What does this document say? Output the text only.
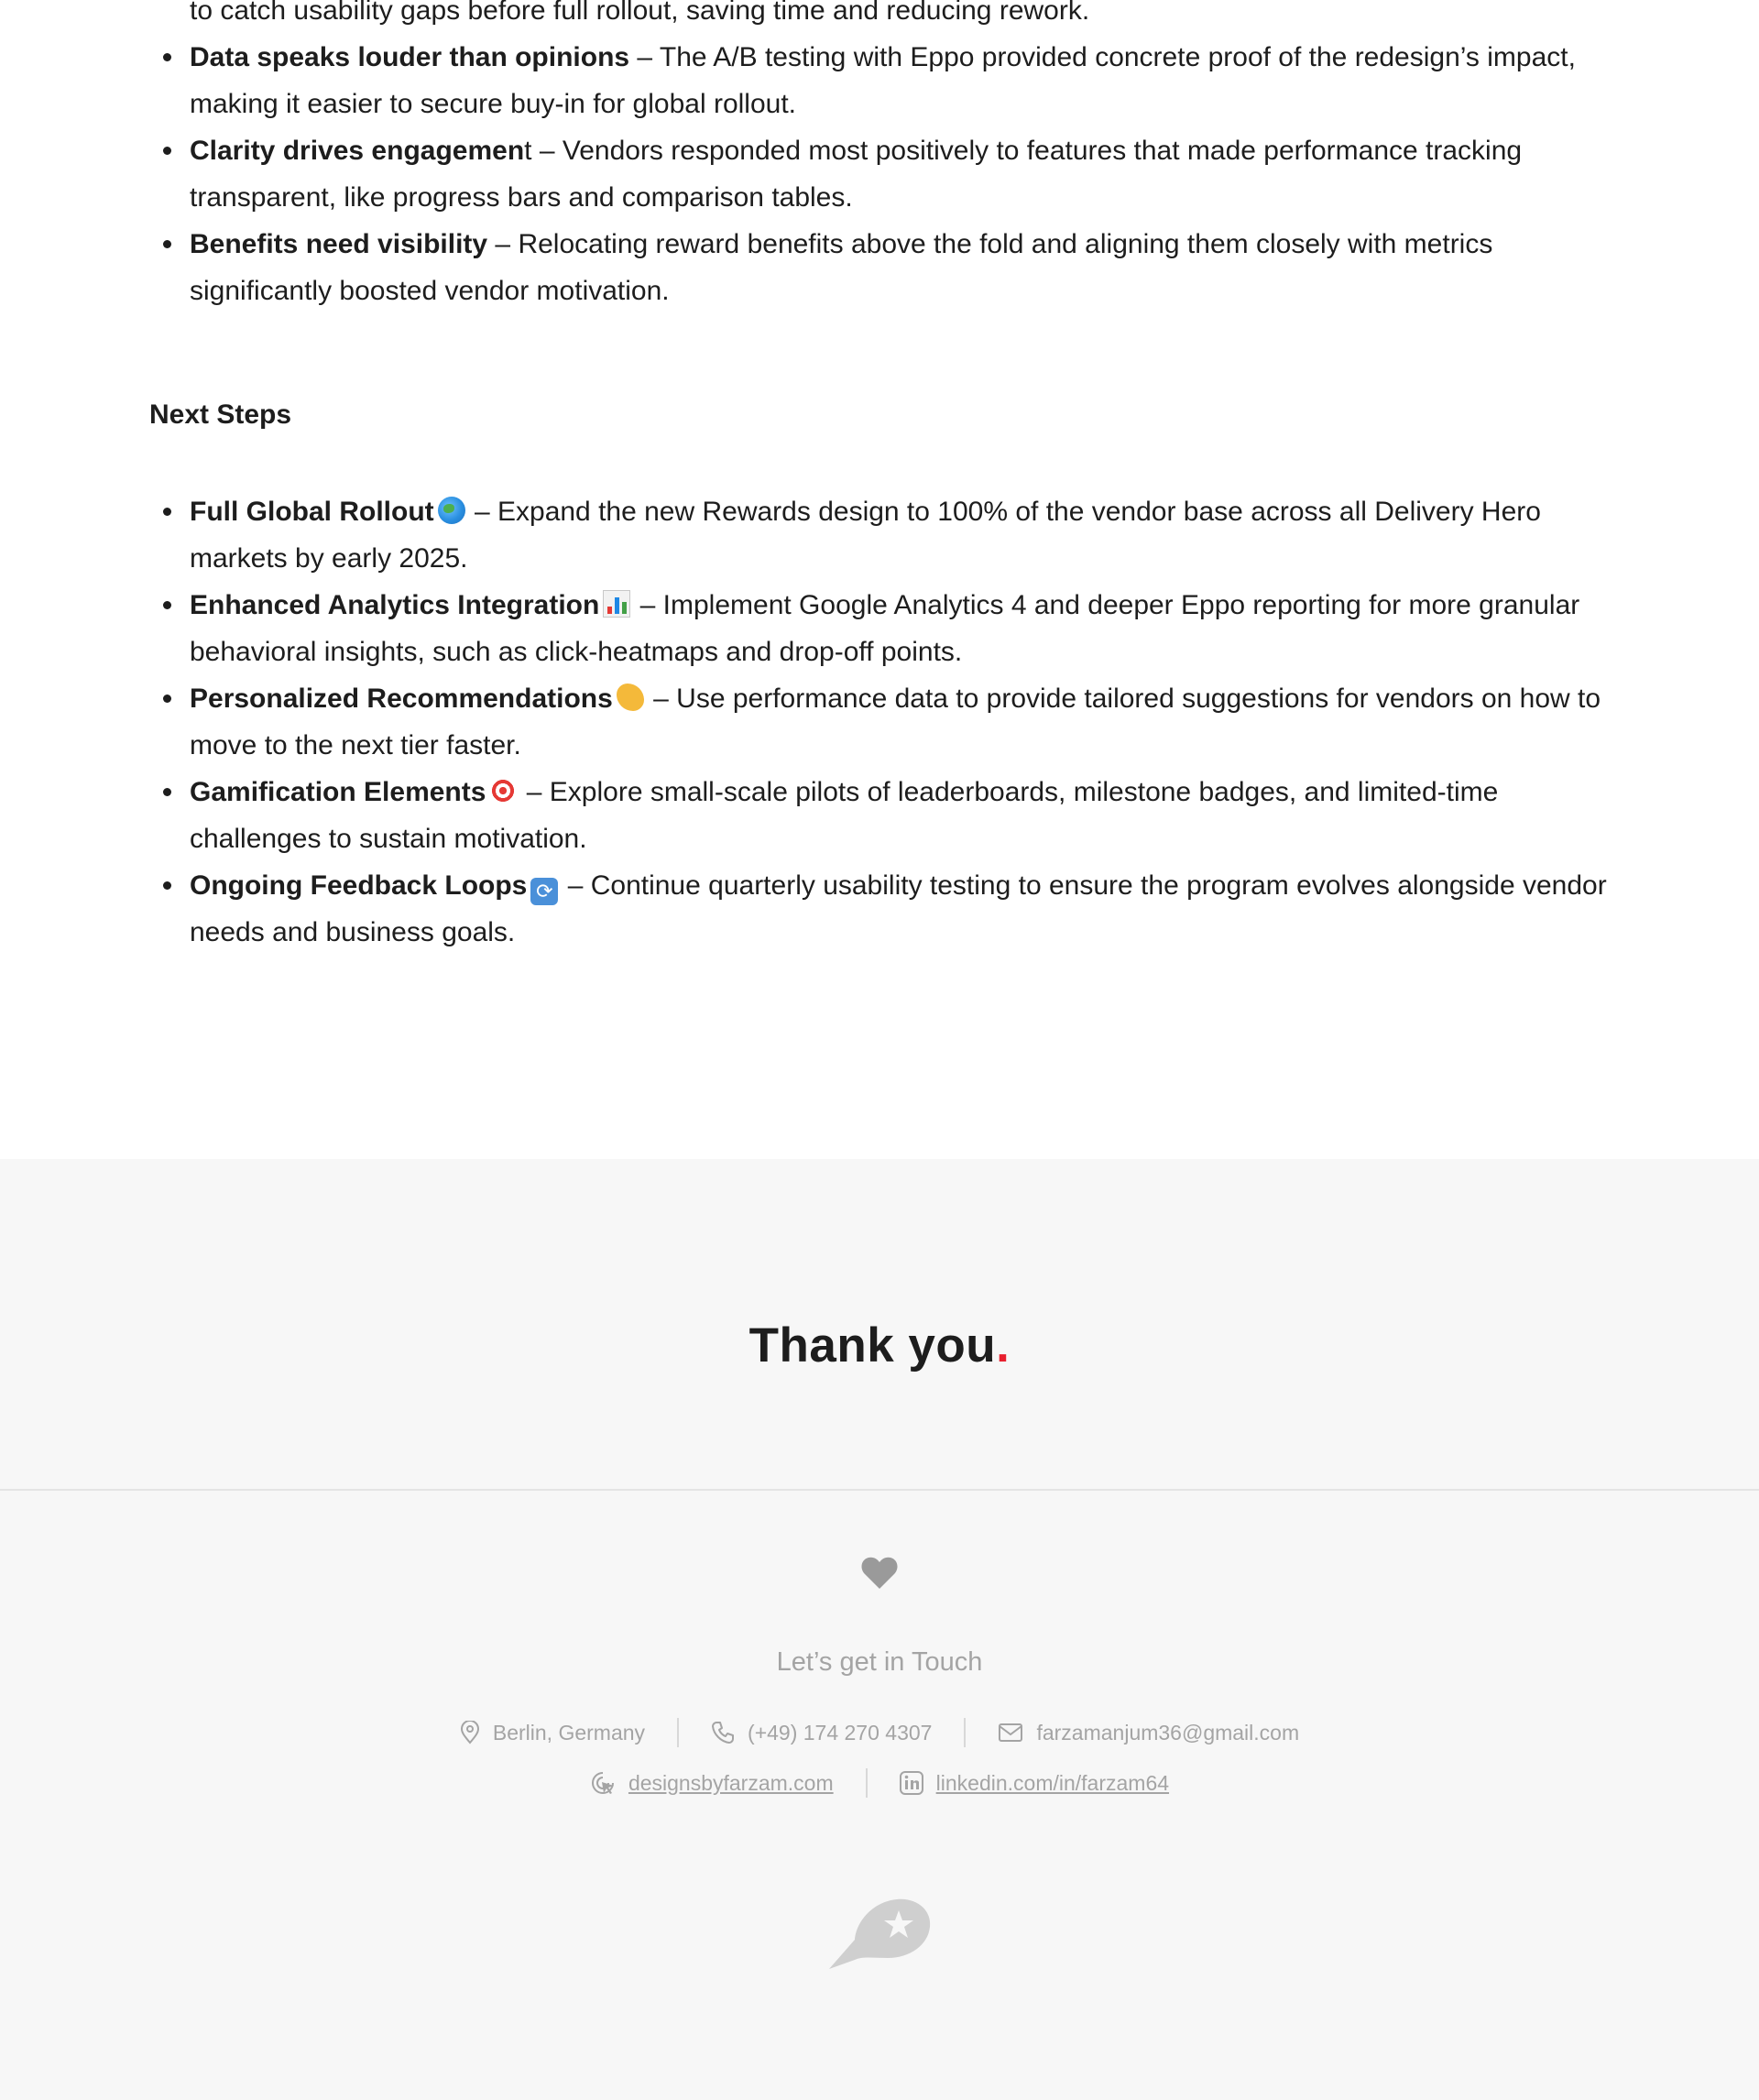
to catch usability gaps before full rollout, saving time and reducing rework.
Data speaks louder than opinions – The A/B testing with Eppo provided concrete proof of the redesign’s impact, making it easier to secure buy-in for global rollout.
Clarity drives engagement – Vendors responded most positively to features that made performance tracking transparent, like progress bars and comparison tables.
Benefits need visibility – Relocating reward benefits above the fold and aligning them closely with metrics significantly boosted vendor motivation.
Next Steps
Full Global Rollout – Expand the new Rewards design to 100% of the vendor base across all Delivery Hero markets by early 2025.
Enhanced Analytics Integration
– Implement Google Analytics 4 and deeper Eppo reporting for more granular behavioral insights, such as click-heatmaps and drop-off points.
Personalized Recommendations – Use performance data to provide tailored suggestions for vendors on how to move to the next tier faster.
Gamification Elements – Explore small-scale pilots of leaderboards, milestone badges, and limited-time challenges to sustain motivation.
Ongoing Feedback Loops ⟳ – Continue quarterly usability testing to ensure the program evolves alongside vendor needs and business goals.
Thank you.

Let’s get in Touch

Berlin, Germany	(+49) 174 270 4307	farzamanjum36@gmail.com
designsbyfarzam.com	linkedin.com/in/farzam64
